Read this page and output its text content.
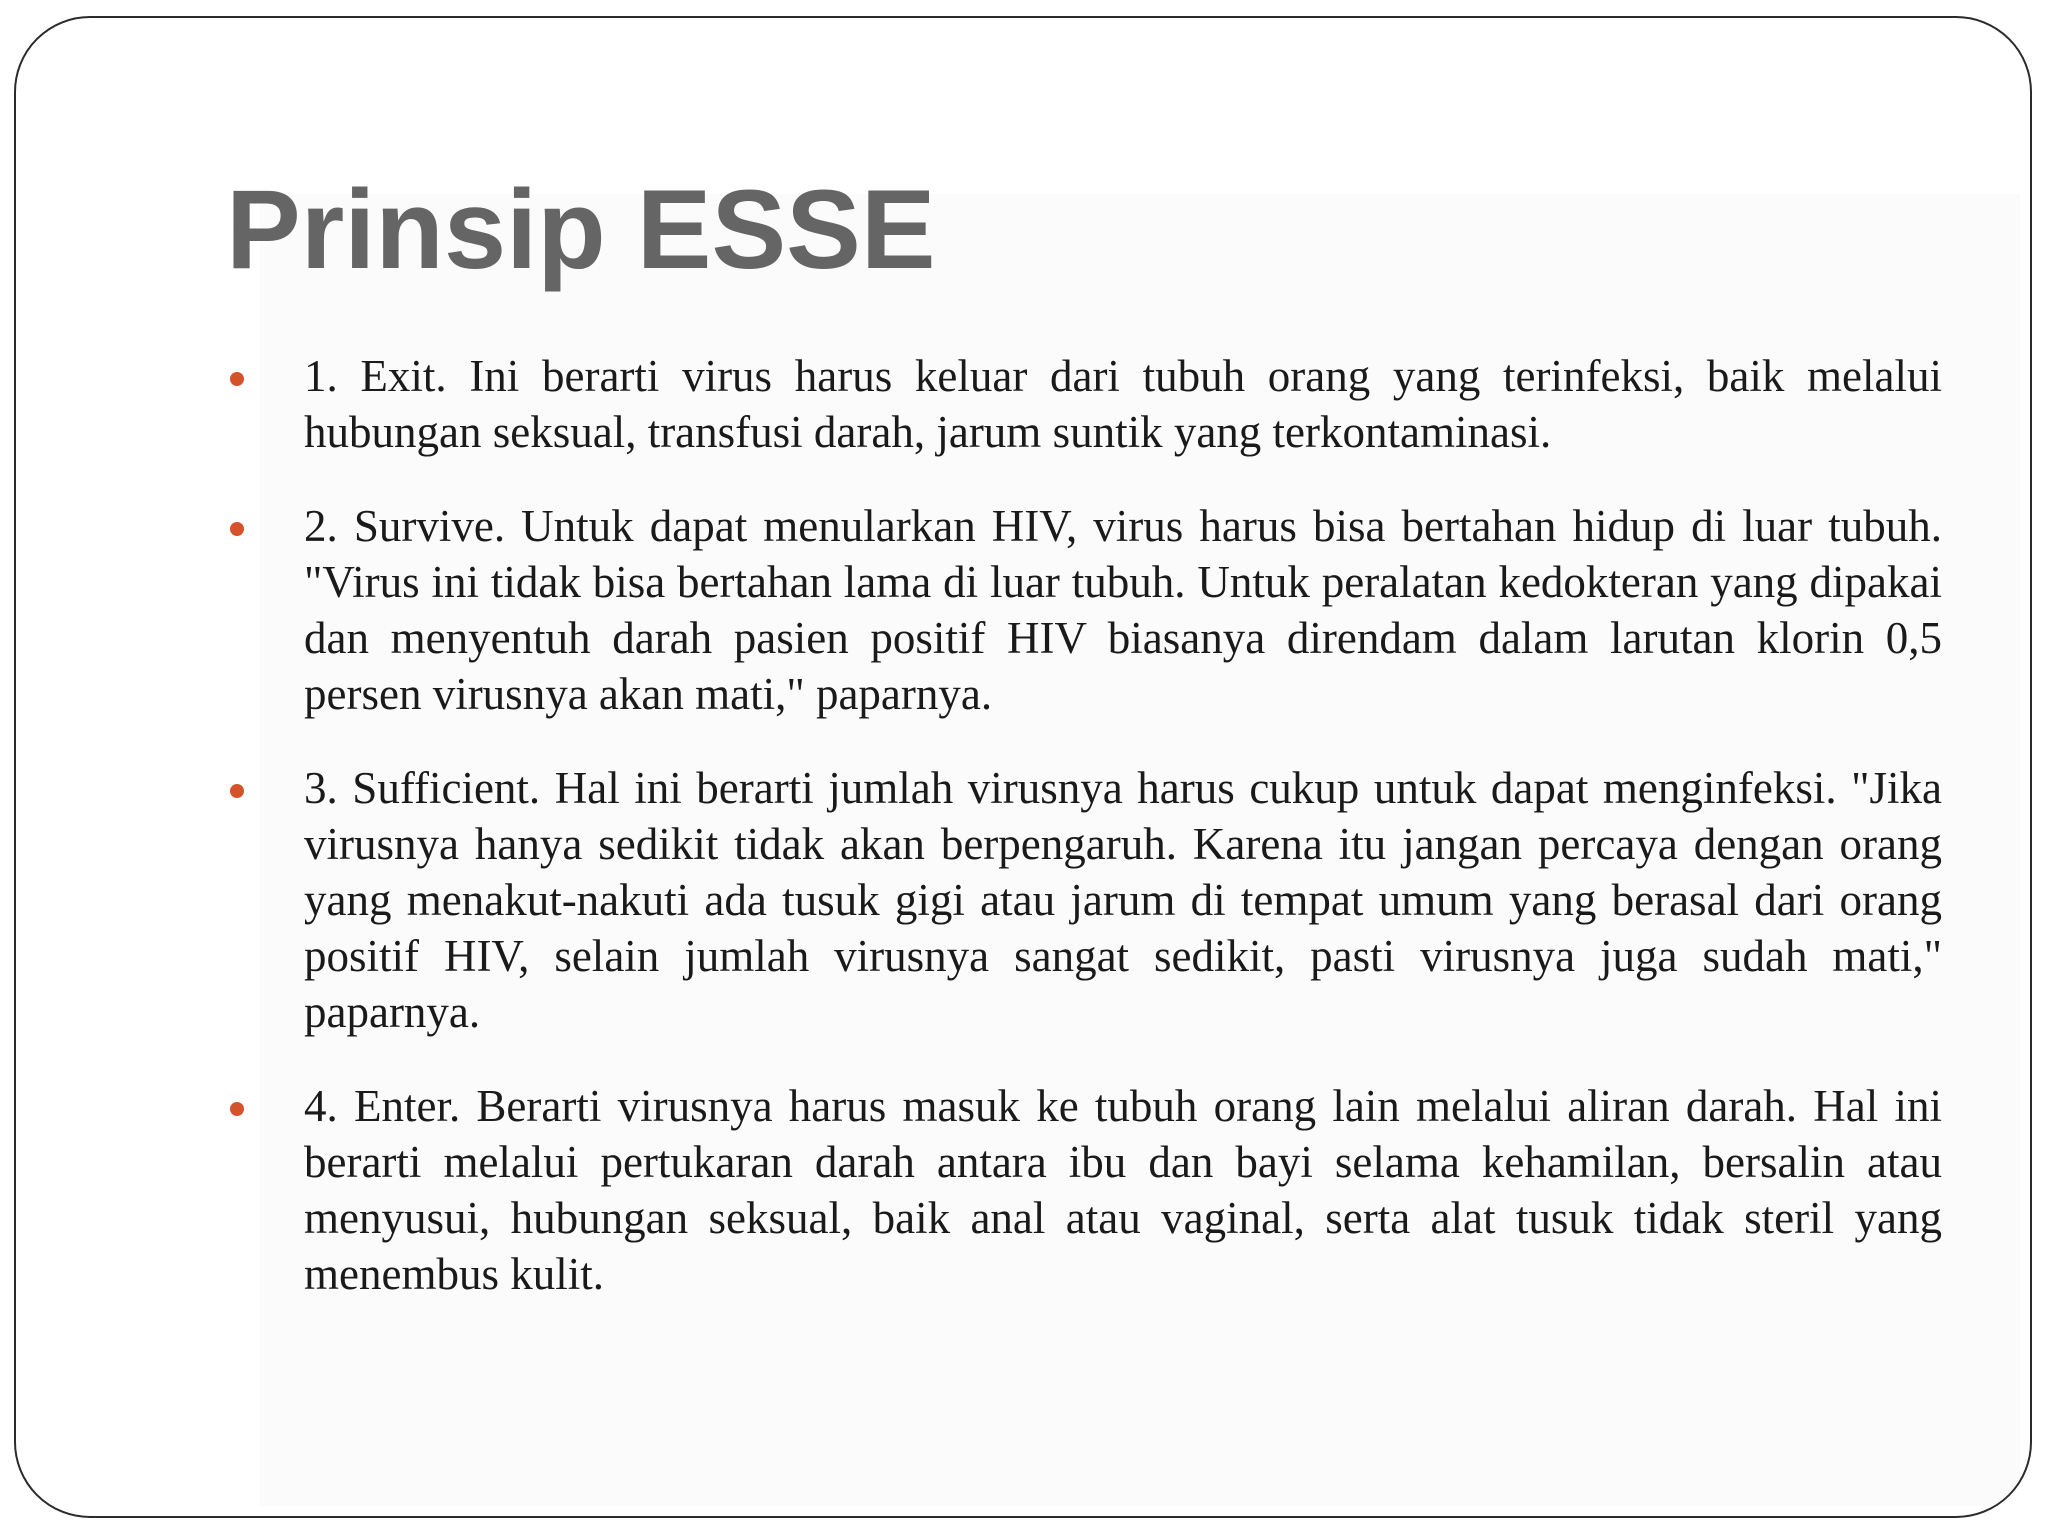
Prinsip ESSE
1. Exit. Ini berarti virus harus keluar dari tubuh orang yang terinfeksi, baik melalui hubungan seksual, transfusi darah, jarum suntik yang terkontaminasi.
2. Survive. Untuk dapat menularkan HIV, virus harus bisa bertahan hidup di luar tubuh. "Virus ini tidak bisa bertahan lama di luar tubuh. Untuk peralatan kedokteran yang dipakai dan menyentuh darah pasien positif HIV biasanya direndam dalam larutan klorin 0,5 persen virusnya akan mati," paparnya.
3. Sufficient. Hal ini berarti jumlah virusnya harus cukup untuk dapat menginfeksi. "Jika virusnya hanya sedikit tidak akan berpengaruh. Karena itu jangan percaya dengan orang yang menakut-nakuti ada tusuk gigi atau jarum di tempat umum yang berasal dari orang positif HIV, selain jumlah virusnya sangat sedikit, pasti virusnya juga sudah mati," paparnya.
4. Enter. Berarti virusnya harus masuk ke tubuh orang lain melalui aliran darah. Hal ini berarti melalui pertukaran darah antara ibu dan bayi selama kehamilan, bersalin atau menyusui, hubungan seksual, baik anal atau vaginal, serta alat tusuk tidak steril yang menembus kulit.
